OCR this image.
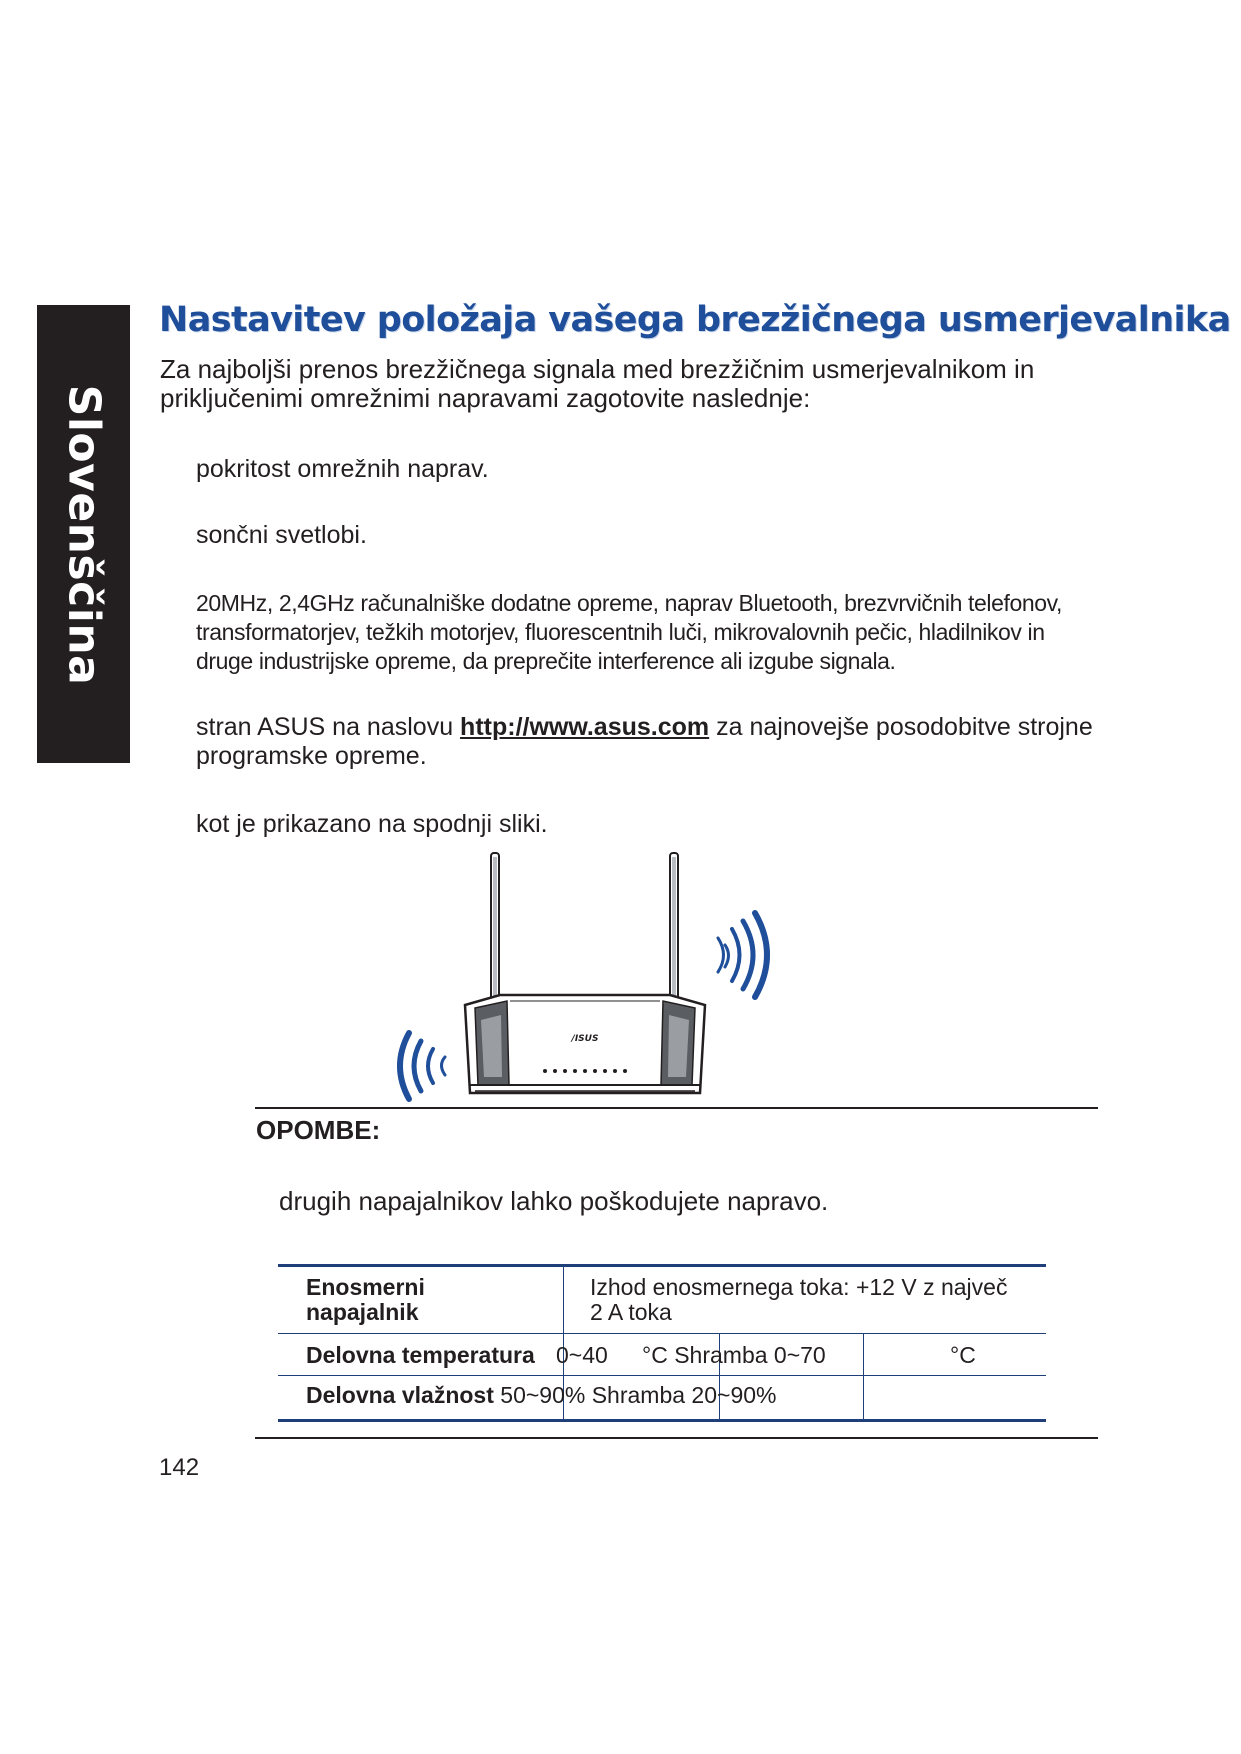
Slovenščina
Nastavitev položaja vašega brezžičnega usmerjevalnika

Za najboljši prenos brezžičnega signala med brezžičnim usmerjevalnikom in priključenimi omrežnimi napravami zagotovite naslednje:

pokritost omrežnih naprav.

sončni svetlobi.

20MHz, 2,4GHz računalniške dodatne opreme, naprav Bluetooth, brezvrvičnih telefonov, transformatorjev, težkih motorjev, fluorescentnih luči, mikrovalovnih pečic, hladilnikov in druge industrijske opreme, da preprečite interference ali izgube signala.

stran ASUS na naslovu http://www.asus.com za najnovejše posodobitve strojne programske opreme.

kot je prikazano na spodnji sliki.

/ISUS

OPOMBE:

drugih napajalnikov lahko poškodujete napravo.

Enosmerni
napajalnik
Izhod enosmernega toka: +12 V z največ
2 A toka
Delovna temperatura 0~40 °C Shramba 0~70	°C
Delovna vlažnost 50~90% Shramba 20~90%
142
